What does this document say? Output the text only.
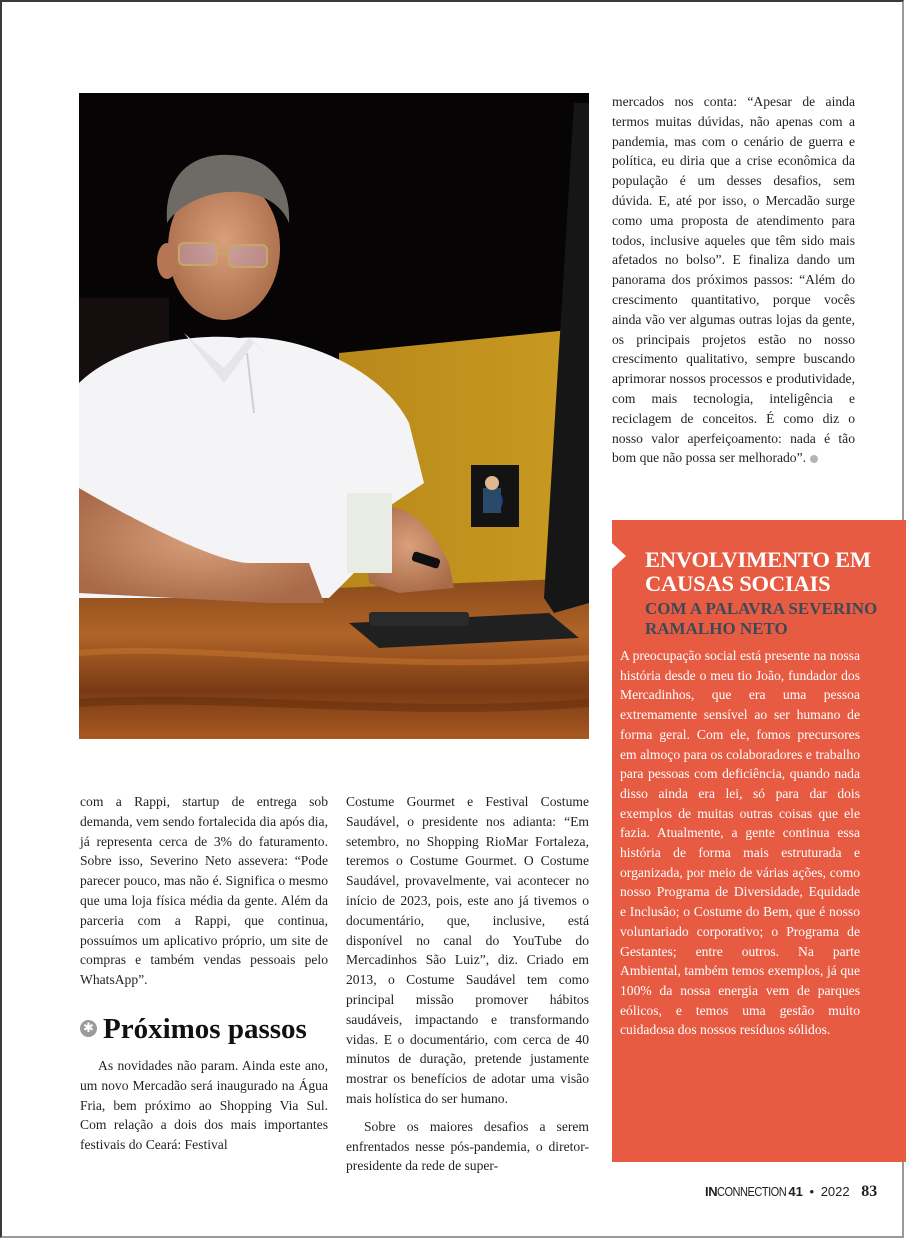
com a Rappi, startup de entrega sob demanda, vem sendo fortalecida dia após dia, já representa cerca de 3% do faturamento. Sobre isso, Severino Neto assevera: “Pode parecer pouco, mas não é. Significa o mesmo que uma loja física média da gente. Além da parceria com a Rappi, que continua, possuímos um aplicativo próprio, um site de compras e também vendas pessoais pelo WhatsApp”.

✱ Próximos passos

As novidades não param. Ainda este ano, um novo Mercadão será inaugurado na Água Fria, bem próximo ao Shopping Via Sul. Com relação a dois dos mais importantes festivais do Ceará: Festival

Costume Gourmet e Festival Costume Saudável, o presidente nos adianta: “Em setembro, no Shopping RioMar Fortaleza, teremos o Costume Gourmet. O Costume Saudável, provavelmente, vai acontecer no início de 2023, pois, este ano já tivemos o documentário, que, inclusive, está disponível no canal do YouTube do Mercadinhos São Luiz”, diz. Criado em 2013, o Costume Saudável tem como principal missão promover hábitos saudáveis, impactando e transformando vidas. E o documentário, com cerca de 40 minutos de duração, pretende justamente mostrar os benefícios de adotar uma visão mais holística do ser humano.

Sobre os maiores desafios a serem enfrentados nesse pós-pandemia, o diretor-presidente da rede de super-

mercados nos conta: “Apesar de ainda termos muitas dúvidas, não apenas com a pandemia, mas com o cenário de guerra e política, eu diria que a crise econômica da população é um desses desafios, sem dúvida. E, até por isso, o Mercadão surge como uma proposta de atendimento para todos, inclusive aqueles que têm sido mais afetados no bolso”. E finaliza dando um panorama dos próximos passos: “Além do crescimento quantitativo, porque vocês ainda vão ver algumas outras lojas da gente, os principais projetos estão no nosso crescimento qualitativo, sempre buscando aprimorar nossos processos e produtividade, com mais tecnologia, inteligência e reciclagem de conceitos. É como diz o nosso valor aperfeiçoamento: nada é tão bom que não possa ser melhorado”.

ENVOLVIMENTO EM CAUSAS SOCIAIS
COM A PALAVRA SEVERINO RAMALHO NETO

A preocupação social está presente na nossa história desde o meu tio João, fundador dos Mercadinhos, que era uma pessoa extremamente sensível ao ser humano de forma geral. Com ele, fomos precursores em almoço para os colaboradores e trabalho para pessoas com deficiência, quando nada disso ainda era lei, só para dar dois exemplos de muitas outras coisas que ele fazia. Atualmente, a gente continua essa história de forma mais estruturada e organizada, por meio de várias ações, como nosso Programa de Diversidade, Equidade e Inclusão; o Costume do Bem, que é nosso voluntariado corporativo; o Programa de Gestantes; entre outros. Na parte Ambiental, também temos exemplos, já que 100% da nossa energia vem de parques eólicos, e temos uma gestão muito cuidadosa dos nossos resíduos sólidos.

INCONNECTION 41 • 2022 83
